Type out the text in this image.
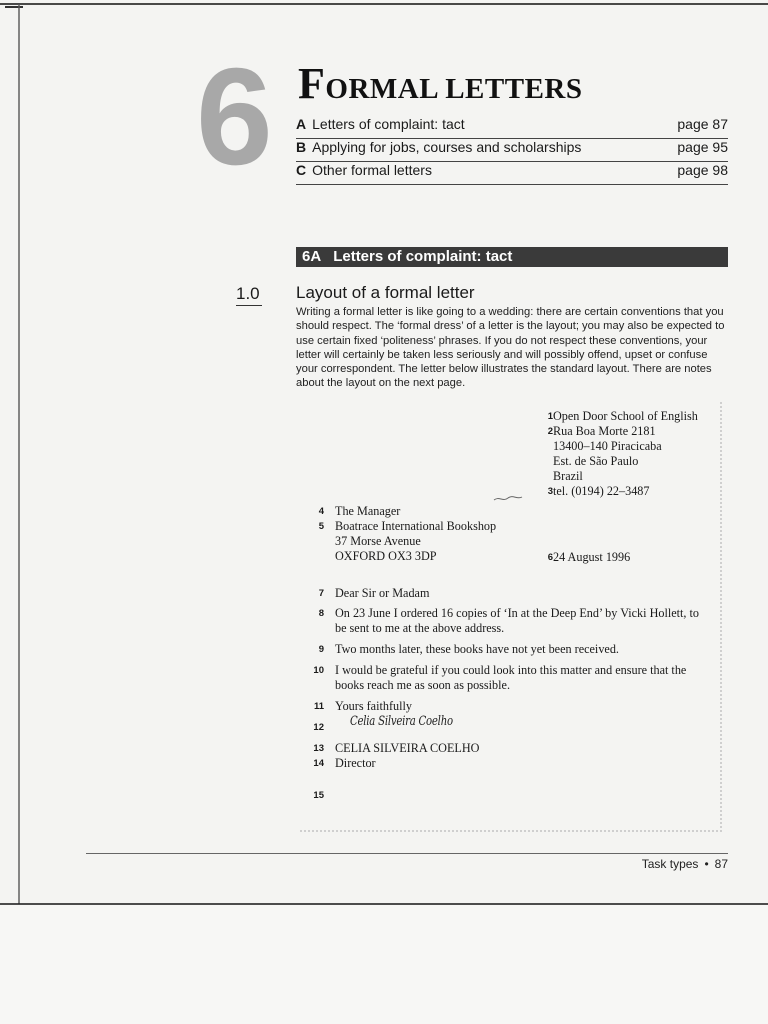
6 FORMAL LETTERS
A Letters of complaint: tact	page 87
B Applying for jobs, courses and scholarships	page 95
C Other formal letters	page 98
6A Letters of complaint: tact
1.0 Layout of a formal letter
Writing a formal letter is like going to a wedding: there are certain conventions that you should respect. The ‘formal dress’ of a letter is the layout; you may also be expected to use certain fixed ‘politeness’ phrases. If you do not respect these conventions, your letter will certainly be taken less seriously and will possibly offend, upset or confuse your correspondent. The letter below illustrates the standard layout. There are notes about the layout on the next page.
1 Open Door School of English
2 Rua Boa Morte 2181
13400–140 Piracicaba
Est. de São Paulo
Brazil
3 tel. (0194) 22–3487
4 The Manager
5 Boatrace International Bookshop
37 Morse Avenue
OXFORD OX3 3DP	6 24 August 1996
7 Dear Sir or Madam
8 On 23 June I ordered 16 copies of ‘In at the Deep End’ by Vicki Hollett, to be sent to me at the above address.
9 Two months later, these books have not yet been received.
10 I would be grateful if you could look into this matter and ensure that the books reach me as soon as possible.
11 Yours faithfully
12 Celia Silveira Coelho
13 CELIA SILVEIRA COELHO
14 Director
15
Task types • 87
